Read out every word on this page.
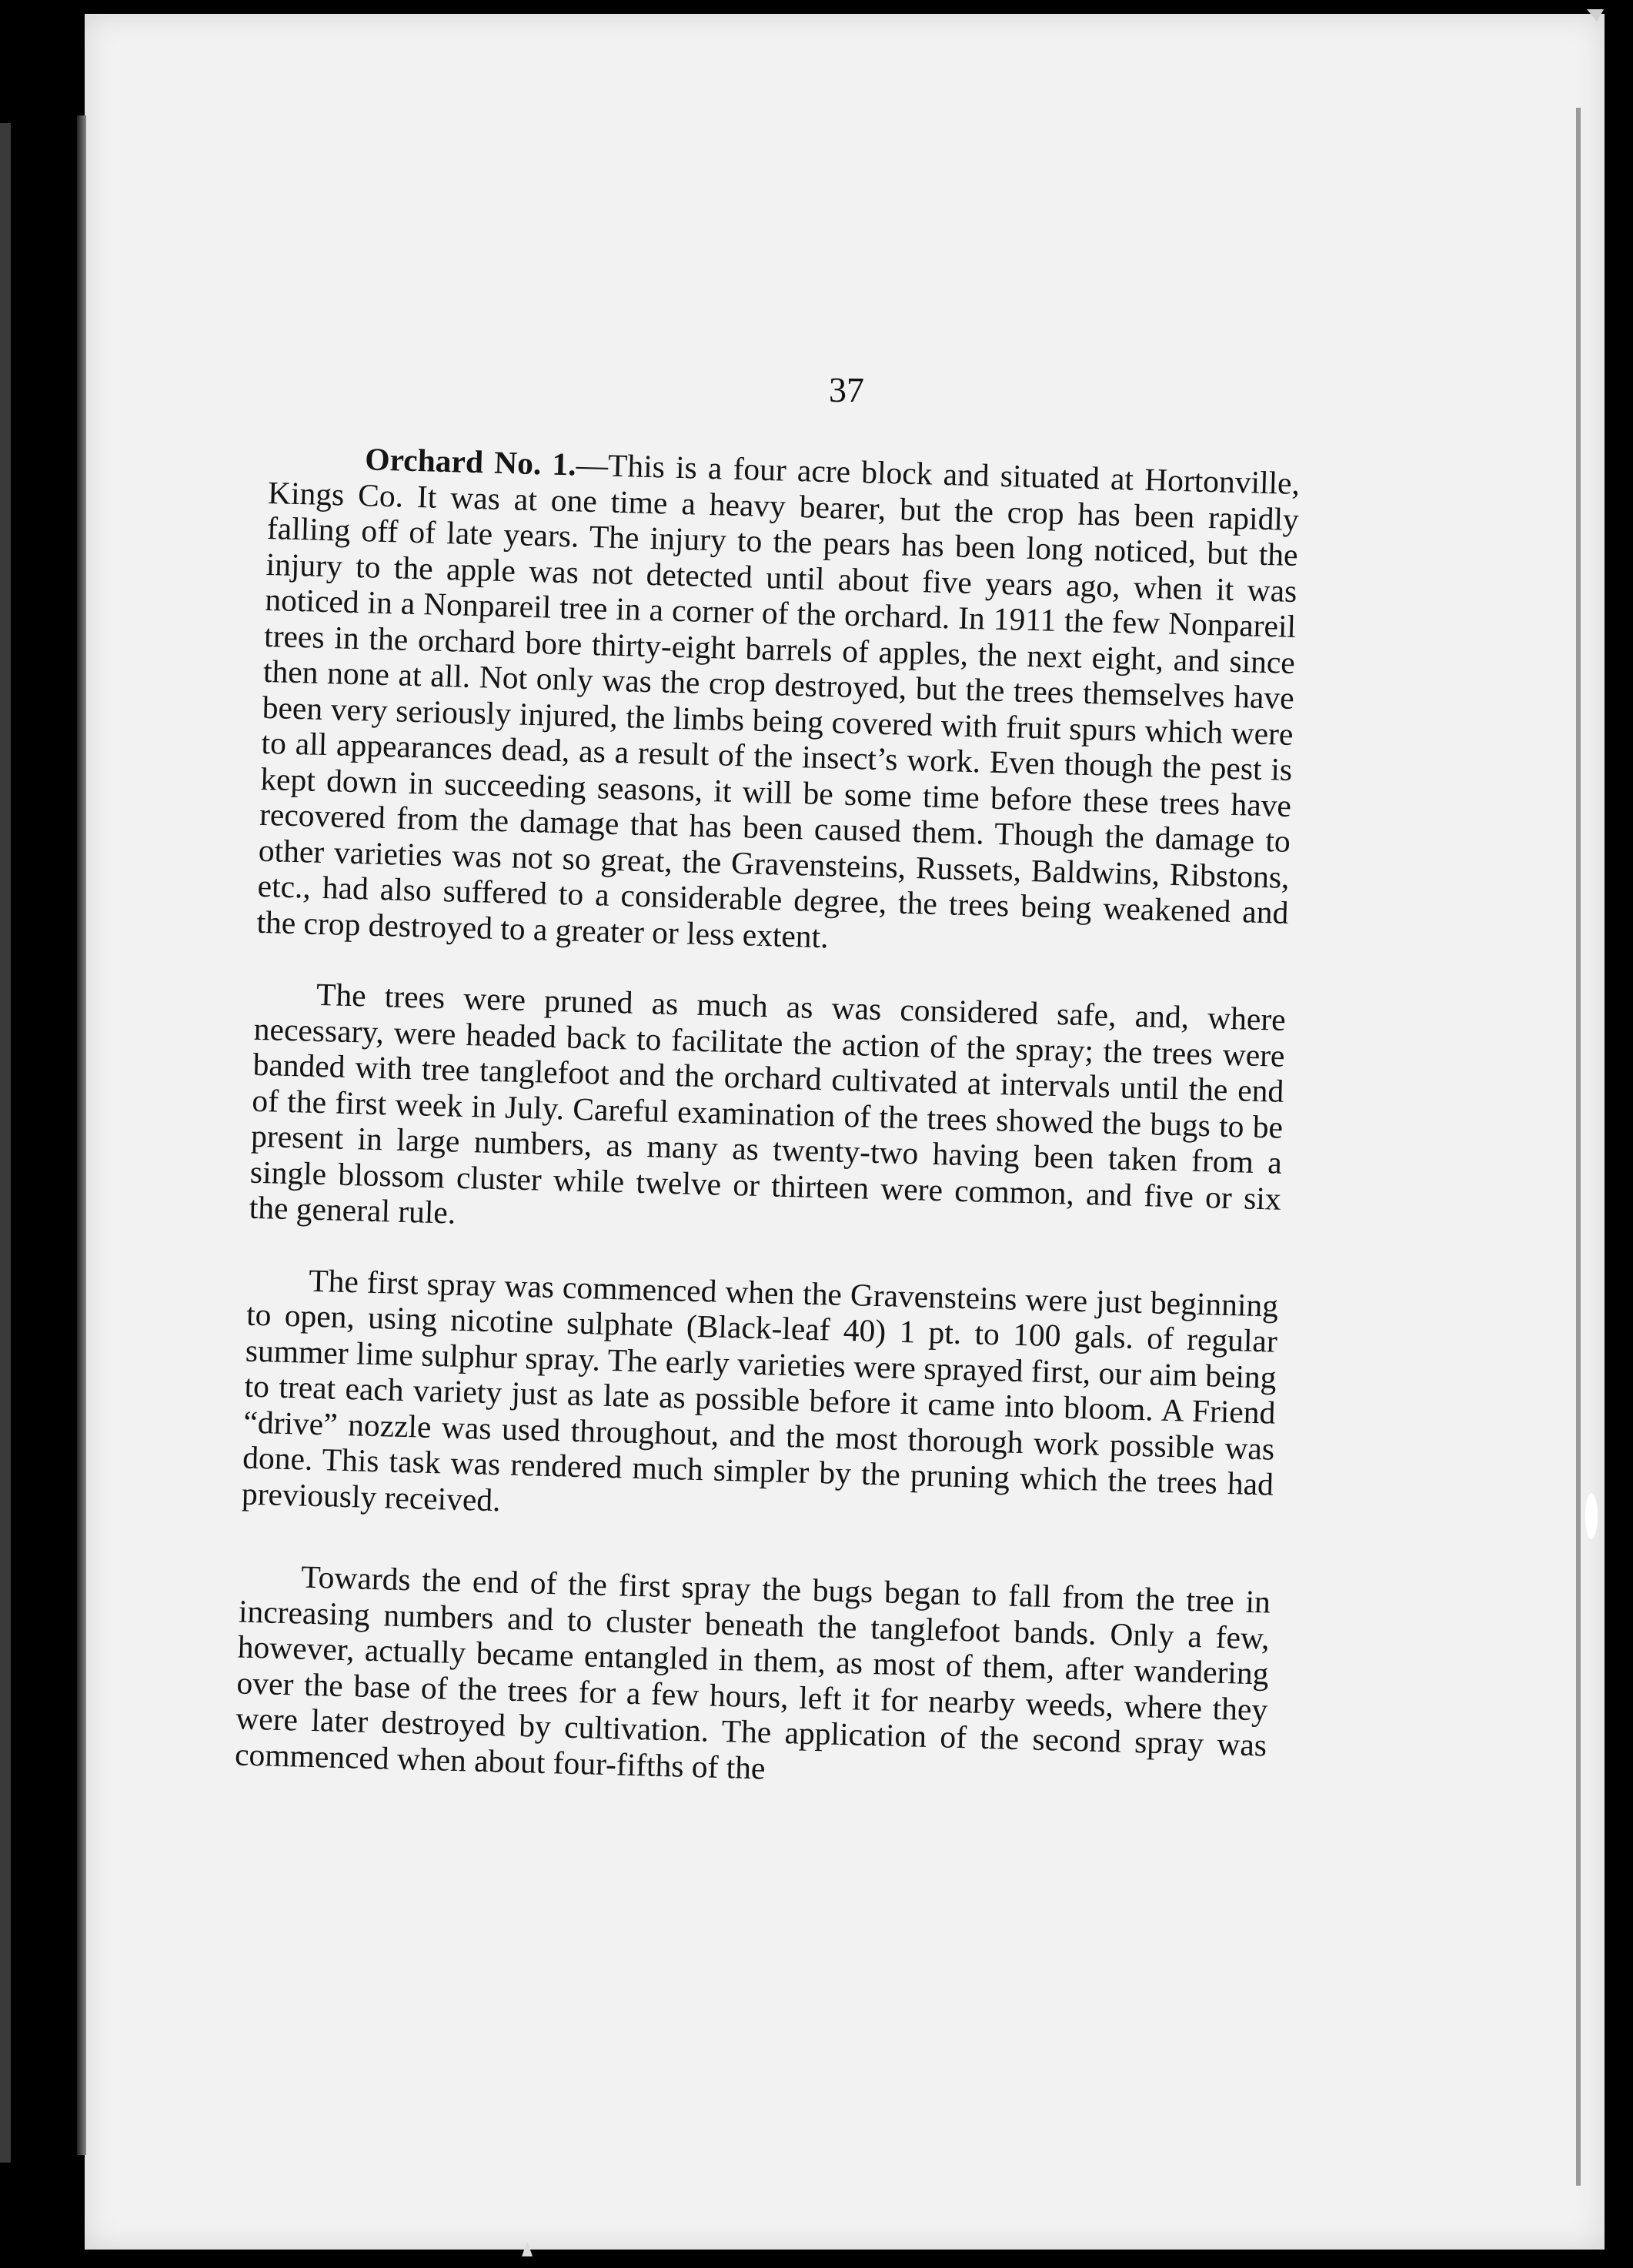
37

Orchard No. 1.—This is a four acre block and situated at Hortonville, Kings Co. It was at one time a heavy bearer, but the crop has been rapidly falling off of late years. The injury to the pears has been long noticed, but the injury to the apple was not detected until about five years ago, when it was noticed in a Nonpareil tree in a corner of the orchard. In 1911 the few Nonpareil trees in the orchard bore thirty-eight barrels of apples, the next eight, and since then none at all. Not only was the crop destroyed, but the trees themselves have been very seriously injured, the limbs being covered with fruit spurs which were to all appearances dead, as a result of the insect’s work. Even though the pest is kept down in succeeding seasons, it will be some time before these trees have recovered from the damage that has been caused them. Though the damage to other varieties was not so great, the Gravensteins, Russets, Baldwins, Ribstons, etc., had also suffered to a considerable degree, the trees being weakened and the crop destroyed to a greater or less extent.

The trees were pruned as much as was considered safe, and, where necessary, were headed back to facilitate the action of the spray; the trees were banded with tree tanglefoot and the orchard cultivated at intervals until the end of the first week in July. Careful examination of the trees showed the bugs to be present in large numbers, as many as twenty-two having been taken from a single blossom cluster while twelve or thirteen were common, and five or six the general rule.

The first spray was commenced when the Gravensteins were just beginning to open, using nicotine sulphate (Black-leaf 40) 1 pt. to 100 gals. of regular summer lime sulphur spray. The early varieties were sprayed first, our aim being to treat each variety just as late as possible before it came into bloom. A Friend “drive” nozzle was used throughout, and the most thorough work possible was done. This task was rendered much simpler by the pruning which the trees had previously received.

Towards the end of the first spray the bugs began to fall from the tree in increasing numbers and to cluster beneath the tanglefoot bands. Only a few, however, actually became entangled in them, as most of them, after wandering over the base of the trees for a few hours, left it for nearby weeds, where they were later destroyed by cultivation. The application of the second spray was commenced when about four-fifths of the
